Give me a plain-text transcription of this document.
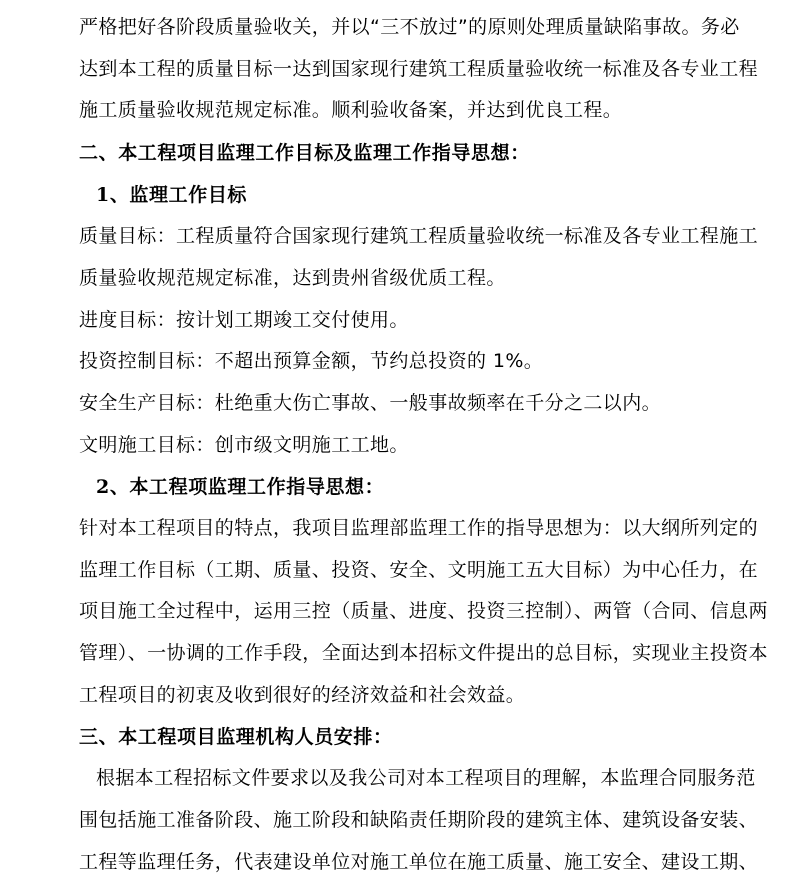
严格把好各阶段质量验收关，并以“三不放过”的原则处理质量缺陷事故。务必
达到本工程的质量目标一达到国家现行建筑工程质量验收统一标准及各专业工程
施工质量验收规范规定标准。顺利验收备案，并达到优良工程。
二、本工程项目监理工作目标及监理工作指导思想：
1、监理工作目标
质量目标：工程质量符合国家现行建筑工程质量验收统一标准及各专业工程施工
质量验收规范规定标准，达到贵州省级优质工程。
进度目标：按计划工期竣工交付使用。
投资控制目标：不超出预算金额，节约总投资的 1%。
安全生产目标：杜绝重大伤亡事故、一般事故频率在千分之二以内。
文明施工目标：创市级文明施工工地。
2、本工程项监理工作指导思想：
针对本工程项目的特点，我项目监理部监理工作的指导思想为：以大纲所列定的
监理工作目标（工期、质量、投资、安全、文明施工五大目标）为中心任力，在
项目施工全过程中，运用三控（质量、进度、投资三控制）、两管（合同、信息两
管理）、一协调的工作手段，全面达到本招标文件提出的总目标，实现业主投资本
工程项目的初衷及收到很好的经济效益和社会效益。
三、本工程项目监理机构人员安排：
根据本工程招标文件要求以及我公司对本工程项目的理解，本监理合同服务范
围包括施工准备阶段、施工阶段和缺陷责任期阶段的建筑主体、建筑设备安装、
工程等监理任务，代表建设单位对施工单位在施工质量、施工安全、建设工期、
